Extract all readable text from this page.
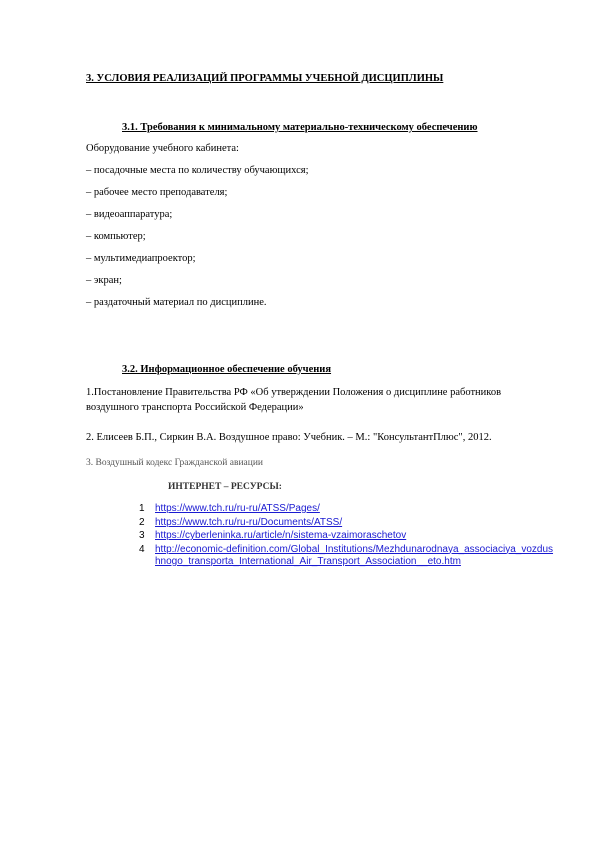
3. УСЛОВИЯ РЕАЛИЗАЦИЙ ПРОГРАММЫ УЧЕБНОЙ ДИСЦИПЛИНЫ
3.1. Требования к минимальному материально-техническому обеспечению
Оборудование учебного кабинета:
– посадочные места по количеству обучающихся;
– рабочее место преподавателя;
– видеоаппаратура;
– компьютер;
– мультимедиапроектор;
– экран;
– раздаточный материал по дисциплине.
3.2. Информационное обеспечение обучения
1.Постановление Правительства РФ «Об утверждении Положения о дисциплине работников воздушного транспорта Российской Федерации»
2. Елисеев Б.П., Сиркин В.А. Воздушное право: Учебник. – М.: "КонсультантПлюс", 2012.
3. Воздушный кодекс Гражданской авиации
ИНТЕРНЕТ – РЕСУРСЫ:
1 https://www.tch.ru/ru-ru/ATSS/Pages/
2 https://www.tch.ru/ru-ru/Documents/ATSS/
3 https://cyberleninka.ru/article/n/sistema-vzaimoraschetov
4 http://economic-definition.com/Global_Institutions/Mezhdunarodnaya_associaciya_vozdushnogo_transporta_International_Air_Transport_Association__eto.htm
